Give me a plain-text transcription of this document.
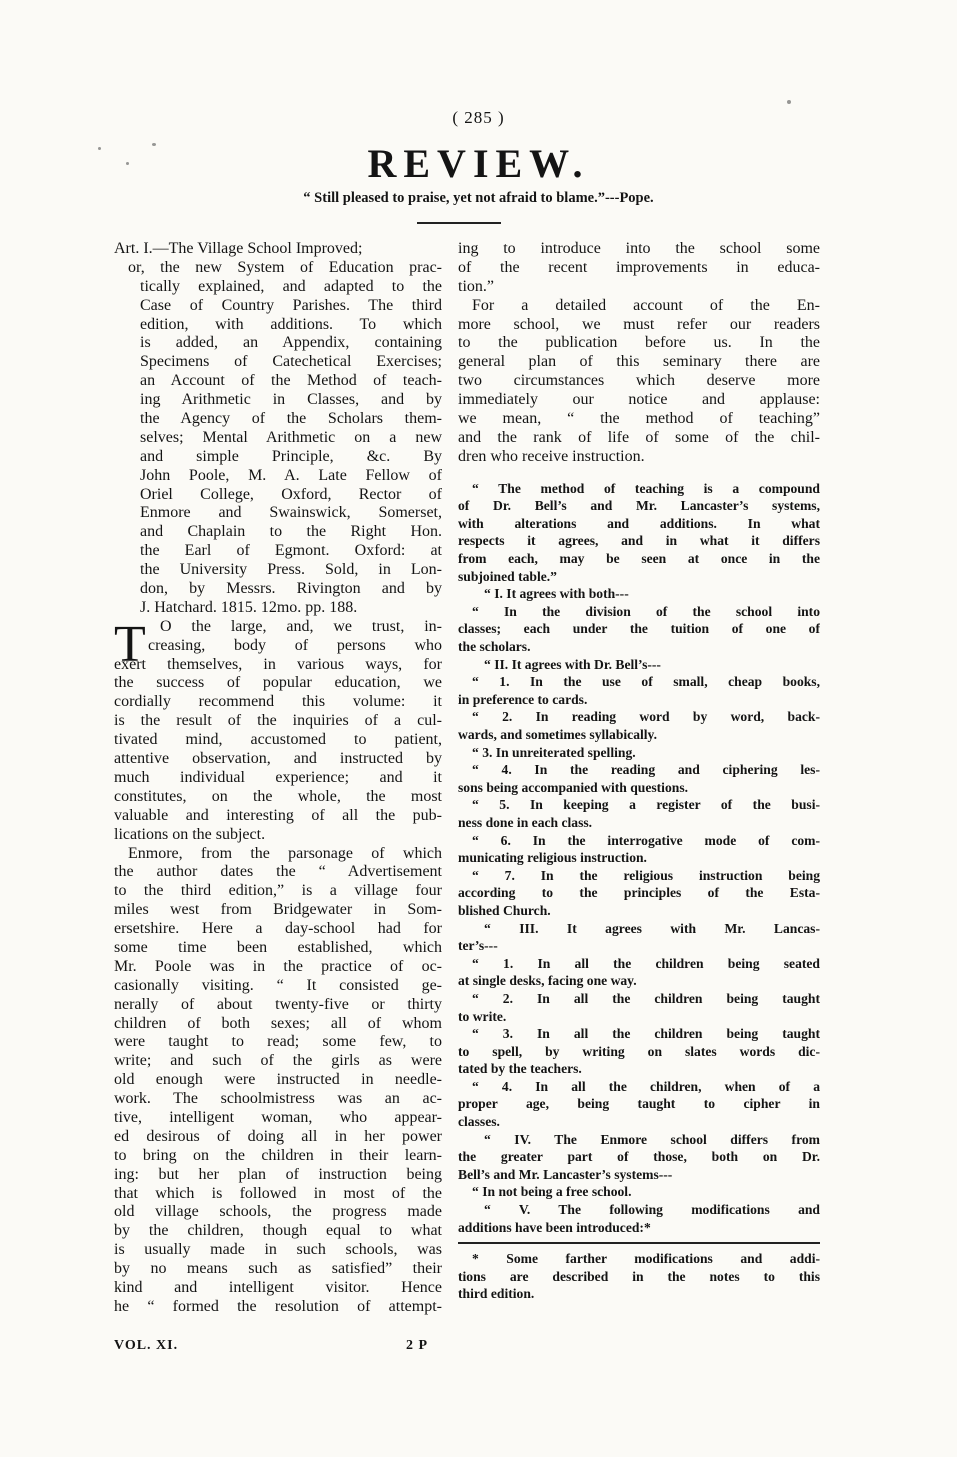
( 285 )
REVIEW.
“ Still pleased to praise, yet not afraid to blame.”---Pope.
T
Art. I.—The Village School Improved;
or, the new System of Education prac-
tically explained, and adapted to the
Case of Country Parishes. The third
edition, with additions. To which
is added, an Appendix, containing
Specimens of Catechetical Exercises;
an Account of the Method of teach-
ing Arithmetic in Classes, and by
the Agency of the Scholars them-
selves; Mental Arithmetic on a new
and simple Principle, &c. By
John Poole, M. A. Late Fellow of
Oriel College, Oxford, Rector of
Enmore and Swainswick, Somerset,
and Chaplain to the Right Hon.
the Earl of Egmont. Oxford: at
the University Press. Sold, in Lon-
don, by Messrs. Rivington and by
J. Hatchard. 1815. 12mo. pp. 188.
O the large, and, we trust, in-
creasing, body of persons who
exert themselves, in various ways, for
the success of popular education, we
cordially recommend this volume: it
is the result of the inquiries of a cul-
tivated mind, accustomed to patient,
attentive observation, and instructed by
much individual experience; and it
constitutes, on the whole, the most
valuable and interesting of all the pub-
lications on the subject.
Enmore, from the parsonage of which
the author dates the “ Advertisement
to the third edition,” is a village four
miles west from Bridgewater in Som-
ersetshire. Here a day-school had for
some time been established, which
Mr. Poole was in the practice of oc-
casionally visiting. “ It consisted ge-
nerally of about twenty-five or thirty
children of both sexes; all of whom
were taught to read; some few, to
write; and such of the girls as were
old enough were instructed in needle-
work. The schoolmistress was an ac-
tive, intelligent woman, who appear-
ed desirous of doing all in her power
to bring on the children in their learn-
ing: but her plan of instruction being
that which is followed in most of the
old village schools, the progress made
by the children, though equal to what
is usually made in such schools, was
by no means such as satisfied” their
kind and intelligent visitor. Hence
he “ formed the resolution of attempt-
ing to introduce into the school some
of the recent improvements in educa-
tion.”
For a detailed account of the En-
more school, we must refer our readers
to the publication before us. In the
general plan of this seminary there are
two circumstances which deserve more
immediately our notice and applause:
we mean, “ the method of teaching”
and the rank of life of some of the chil-
dren who receive instruction.
“ The method of teaching is a compound
of Dr. Bell’s and Mr. Lancaster’s systems,
with alterations and additions. In what
respects it agrees, and in what it differs
from each, may be seen at once in the
subjoined table.”
“ I. It agrees with both---
“ In the division of the school into
classes; each under the tuition of one of
the scholars.
“ II. It agrees with Dr. Bell’s---
“ 1. In the use of small, cheap books,
in preference to cards.
“ 2. In reading word by word, back-
wards, and sometimes syllabically.
“ 3. In unreiterated spelling.
“ 4. In the reading and ciphering les-
sons being accompanied with questions.
“ 5. In keeping a register of the busi-
ness done in each class.
“ 6. In the interrogative mode of com-
municating religious instruction.
“ 7. In the religious instruction being
according to the principles of the Esta-
blished Church.
“ III. It agrees with Mr. Lancas-
ter’s---
“ 1. In all the children being seated
at single desks, facing one way.
“ 2. In all the children being taught
to write.
“ 3. In all the children being taught
to spell, by writing on slates words dic-
tated by the teachers.
“ 4. In all the children, when of a
proper age, being taught to cipher in
classes.
“ IV. The Enmore school differs from
the greater part of those, both on Dr.
Bell’s and Mr. Lancaster’s systems---
“ In not being a free school.
“ V. The following modifications and
additions have been introduced:*
* Some farther modifications and addi-
tions are described in the notes to this
third edition.
VOL. XI.	2 P
